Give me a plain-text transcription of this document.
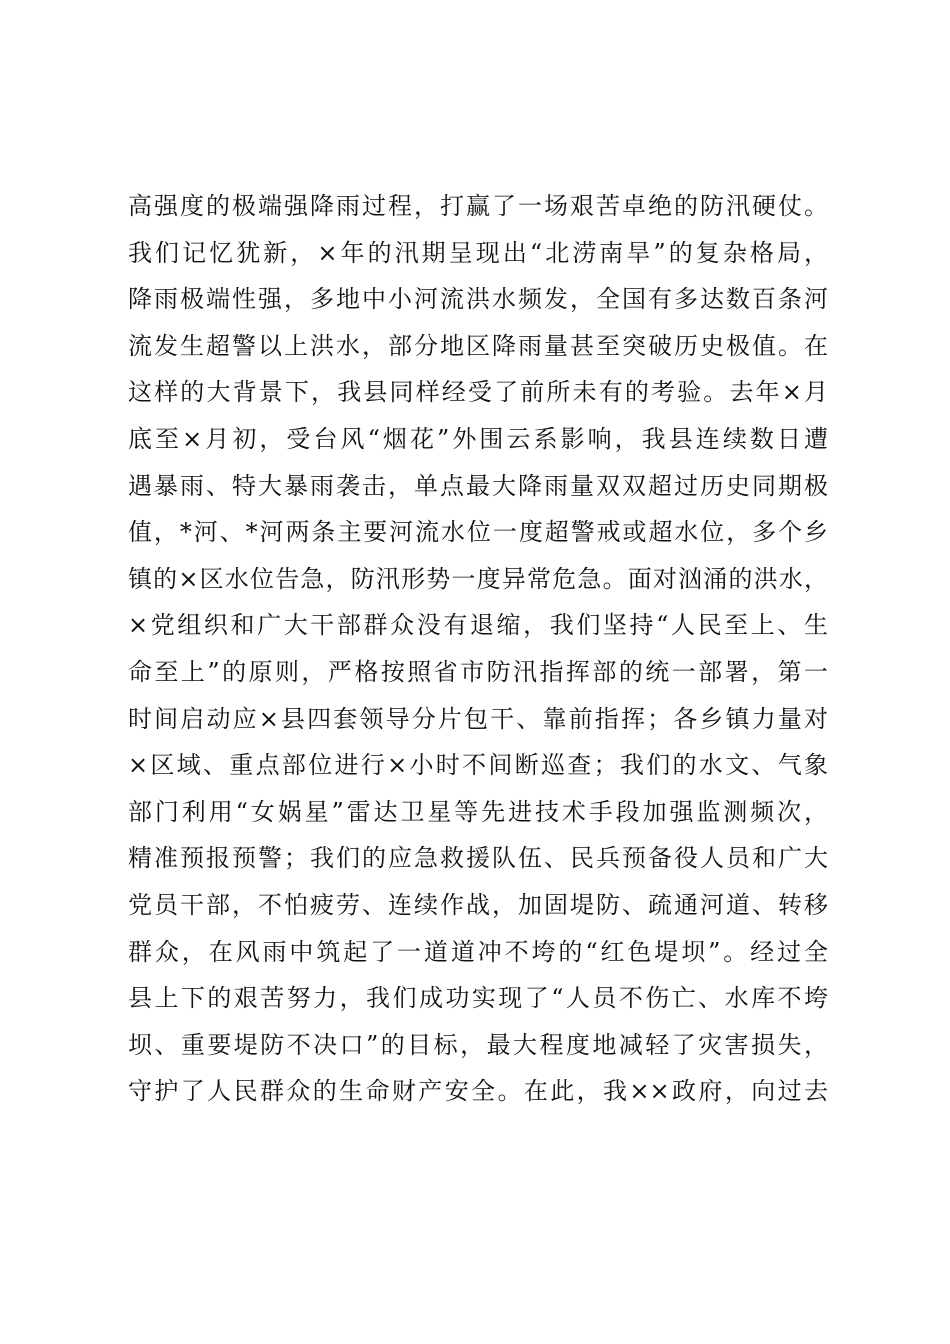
高强度的极端强降雨过程，打赢了一场艰苦卓绝的防汛硬仗。
我们记忆犹新，×年的汛期呈现出“北涝南旱”的复杂格局，
降雨极端性强，多地中小河流洪水频发，全国有多达数百条河
流发生超警以上洪水，部分地区降雨量甚至突破历史极值。在
这样的大背景下，我县同样经受了前所未有的考验。去年×月
底至×月初，受台风“烟花”外围云系影响，我县连续数日遭
遇暴雨、特大暴雨袭击，单点最大降雨量双双超过历史同期极
值，*河、*河两条主要河流水位一度超警戒或超水位，多个乡
镇的×区水位告急，防汛形势一度异常危急。面对汹涌的洪水，
×党组织和广大干部群众没有退缩，我们坚持“人民至上、生
命至上”的原则，严格按照省市防汛指挥部的统一部署，第一
时间启动应×县四套领导分片包干、靠前指挥；各乡镇力量对
×区域、重点部位进行×小时不间断巡查；我们的水文、气象
部门利用“女娲星”雷达卫星等先进技术手段加强监测频次，
精准预报预警；我们的应急救援队伍、民兵预备役人员和广大
党员干部，不怕疲劳、连续作战，加固堤防、疏通河道、转移
群众，在风雨中筑起了一道道冲不垮的“红色堤坝”。经过全
县上下的艰苦努力，我们成功实现了“人员不伤亡、水库不垮
坝、重要堤防不决口”的目标，最大程度地减轻了灾害损失，
守护了人民群众的生命财产安全。在此，我××政府，向过去
